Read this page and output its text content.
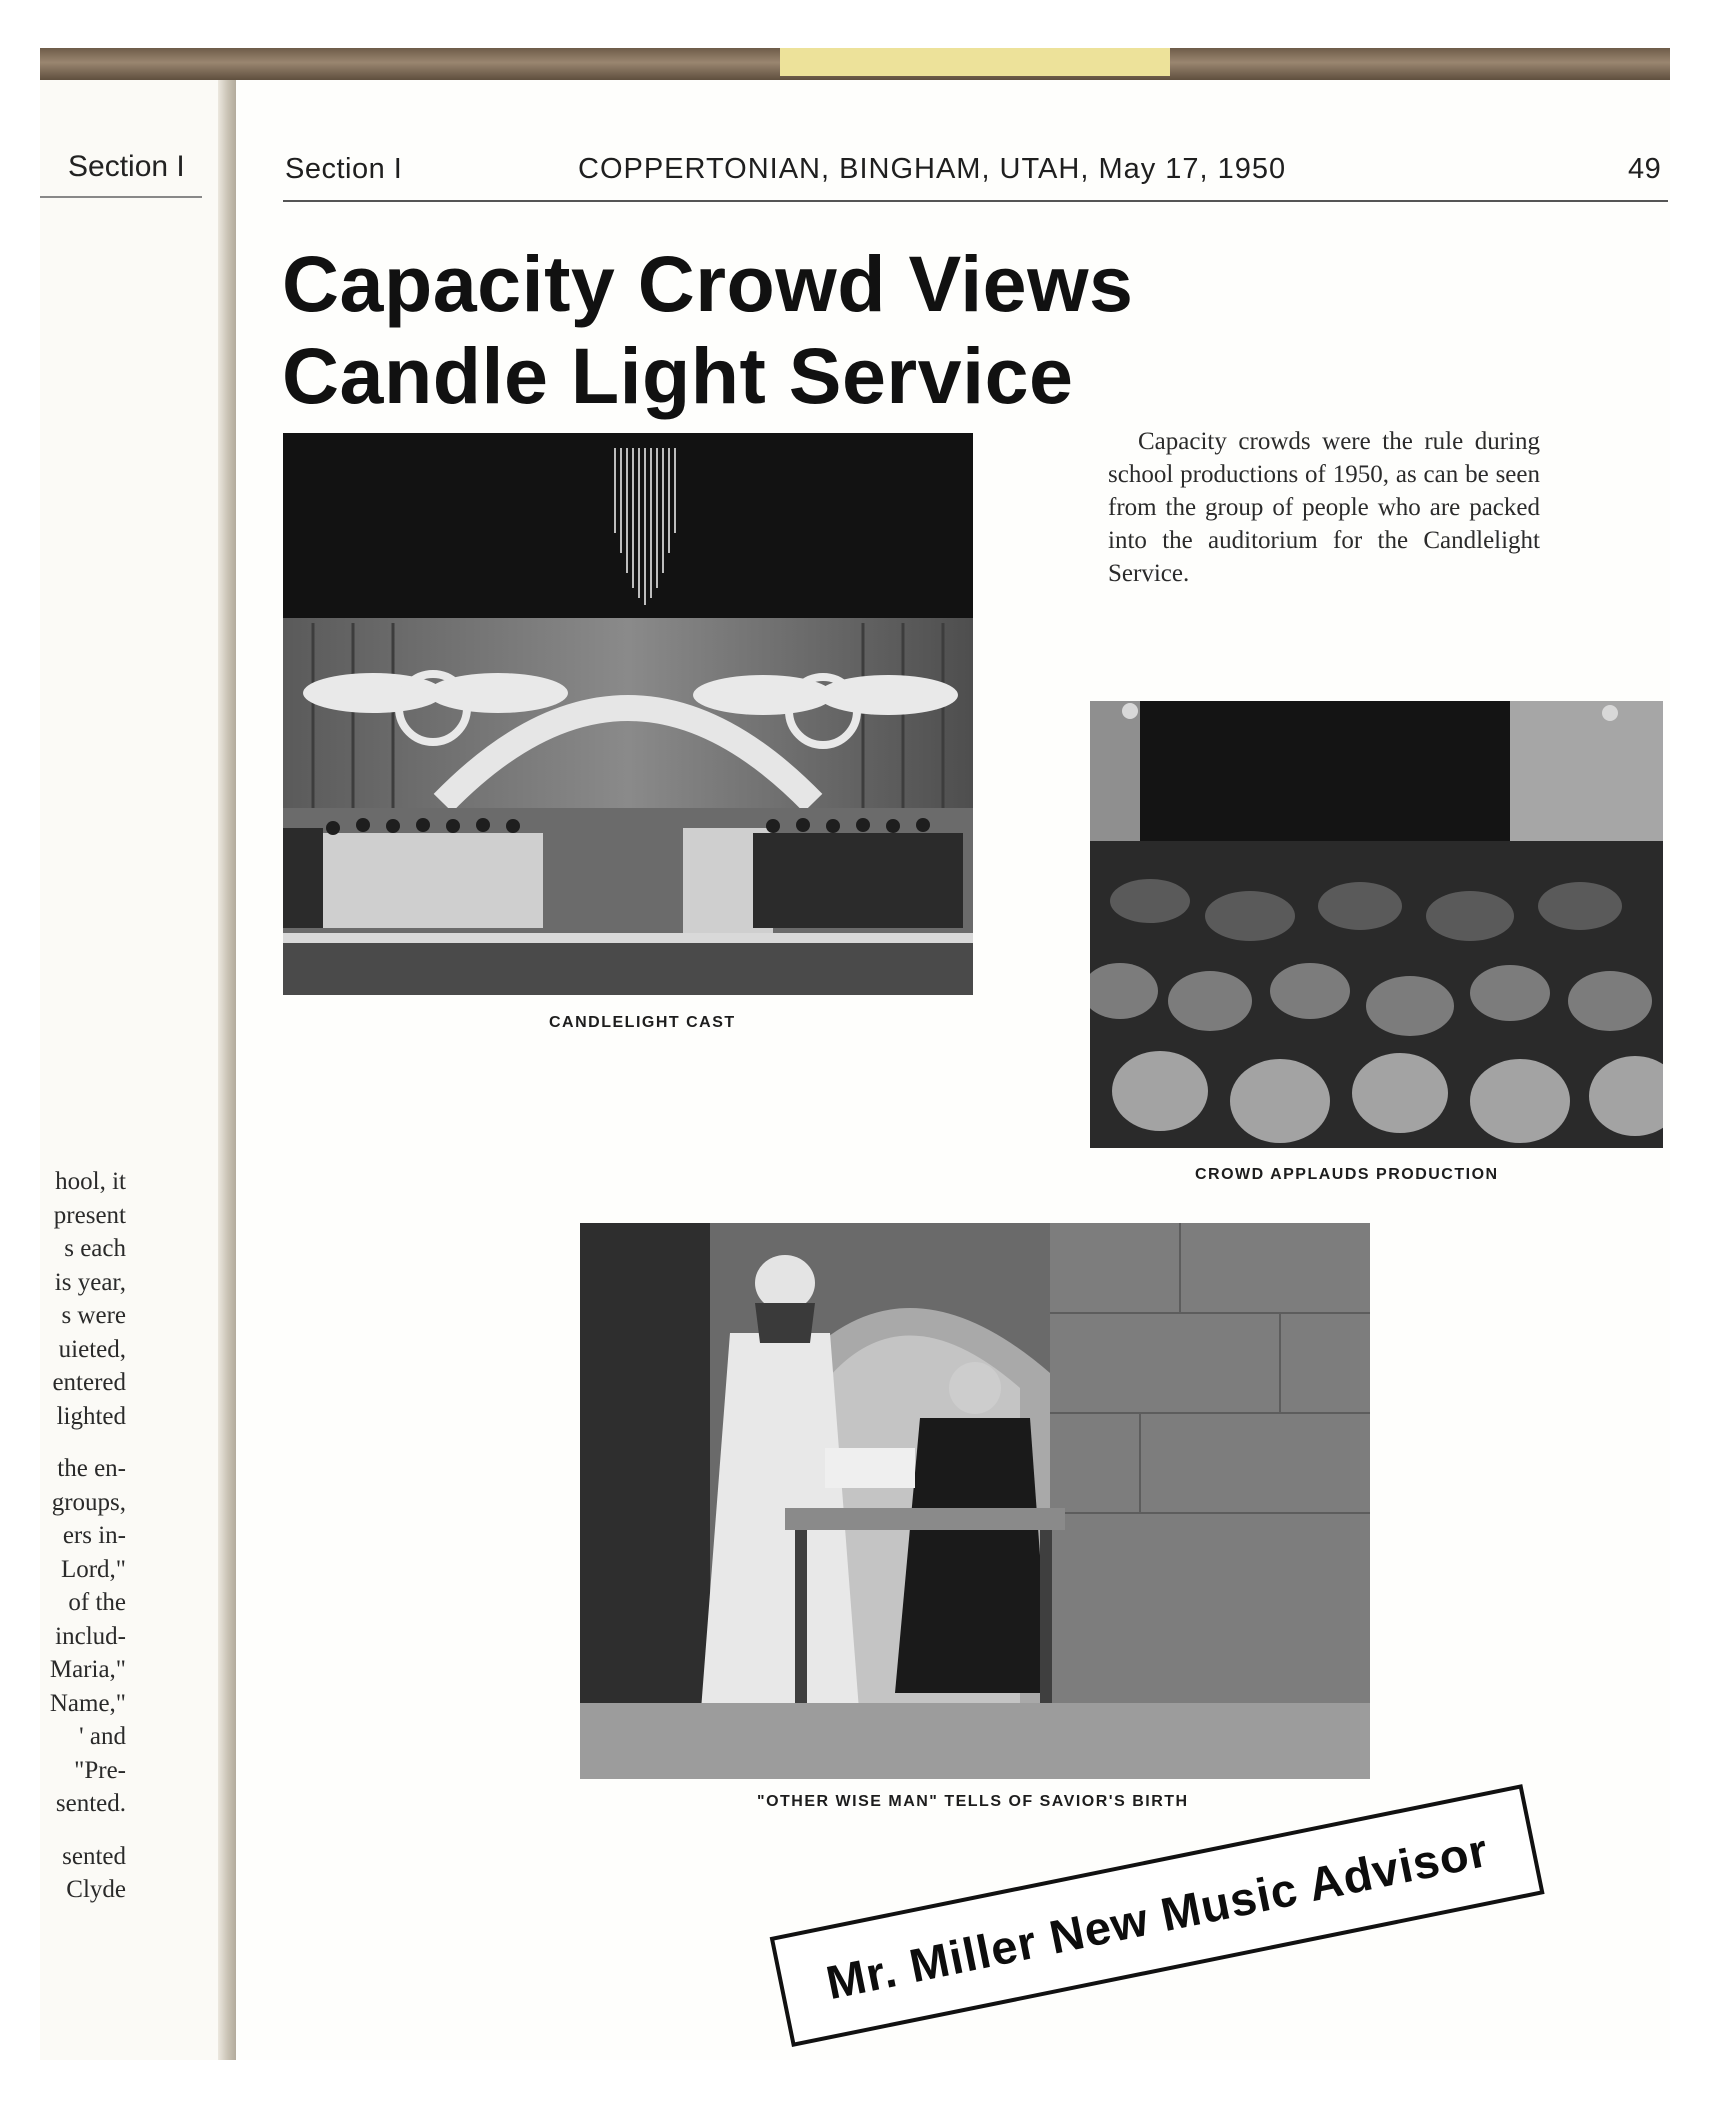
Section I
hool, it
present
s each
is year,
s were
uieted,
entered
lighted
the en-
groups,
ers in-
Lord,"
of the
includ-
Maria,"
Name,"
' and
"Pre-
sented.
sented
Clyde
Section I	COPPERTONIAN, BINGHAM, UTAH, May 17, 1950	49
Capacity Crowd Views
Candle Light Service
Capacity crowds were the rule during school productions of 1950, as can be seen from the group of people who are packed into the auditorium for the Candlelight Service.
CANDLELIGHT CAST
CROWD APPLAUDS PRODUCTION
"OTHER WISE MAN" TELLS OF SAVIOR'S BIRTH
Mr. Miller New Music Advisor
